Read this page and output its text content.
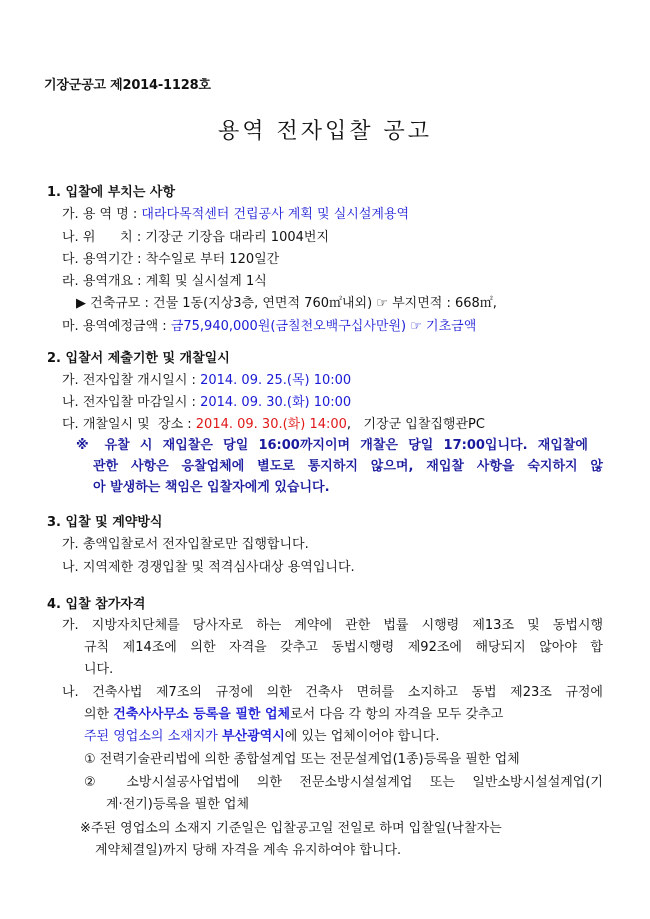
기장군공고 제2014-1128호
용역 전자입찰 공고
1. 입찰에 부치는 사항
가. 용 역 명 : 대라다목적센터 건립공사 계획 및 실시설계용역
나. 위      치 : 기장군 기장읍 대라리 1004번지
다. 용역기간 : 착수일로 부터 120일간
라. 용역개요 : 계획 및 실시설계 1식
▶ 건축규모 : 건물 1동(지상3층, 연면적 760㎡내외) ☞ 부지면적 : 668㎡,
마. 용역예정금액 : 금75,940,000원(금칠천오백구십사만원) ☞ 기초금액
2. 입찰서 제출기한 및 개찰일시
가. 전자입찰 개시일시 : 2014. 09. 25.(목) 10:00
나. 전자입찰 마감일시 : 2014. 09. 30.(화) 10:00
다. 개찰일시 및  장소 : 2014. 09. 30.(화) 14:00,   기장군 입찰집행관PC
※ 유찰 시 재입찰은 당일 16:00까지이며 개찰은 당일 17:00입니다. 재입찰에
관한 사항은 응찰업체에 별도로 통지하지 않으며, 재입찰 사항을 숙지하지 않
아 발생하는 책임은 입찰자에게 있습니다.
3. 입찰 및 계약방식
가. 총액입찰로서 전자입찰로만 집행합니다.
나. 지역제한 경쟁입찰 및 적격심사대상 용역입니다.
4. 입찰 참가자격
가. 지방자치단체를 당사자로 하는 계약에 관한 법률 시행령 제13조 및 동법시행
규칙 제14조에 의한 자격을 갖추고 동법시행령 제92조에 해당되지 않아야 합
니다.
나. 건축사법 제7조의 규정에 의한 건축사 면허를 소지하고 동법 제23조 규정에
의한 건축사사무소 등록을 필한 업체로서 다음 각 항의 자격을 모두 갖추고
주된 영업소의 소재지가 부산광역시에 있는 업체이어야 합니다.
① 전력기술관리법에 의한 종합설계업 또는 전문설계업(1종)등록을 필한 업체
② 소방시설공사업법에 의한 전문소방시설설계업 또는 일반소방시설설계업(기
계·전기)등록을 필한 업체
※주된 영업소의 소재지 기준일은 입찰공고일 전일로 하며 입찰일(낙찰자는
계약체결일)까지 당해 자격을 계속 유지하여야 합니다.
